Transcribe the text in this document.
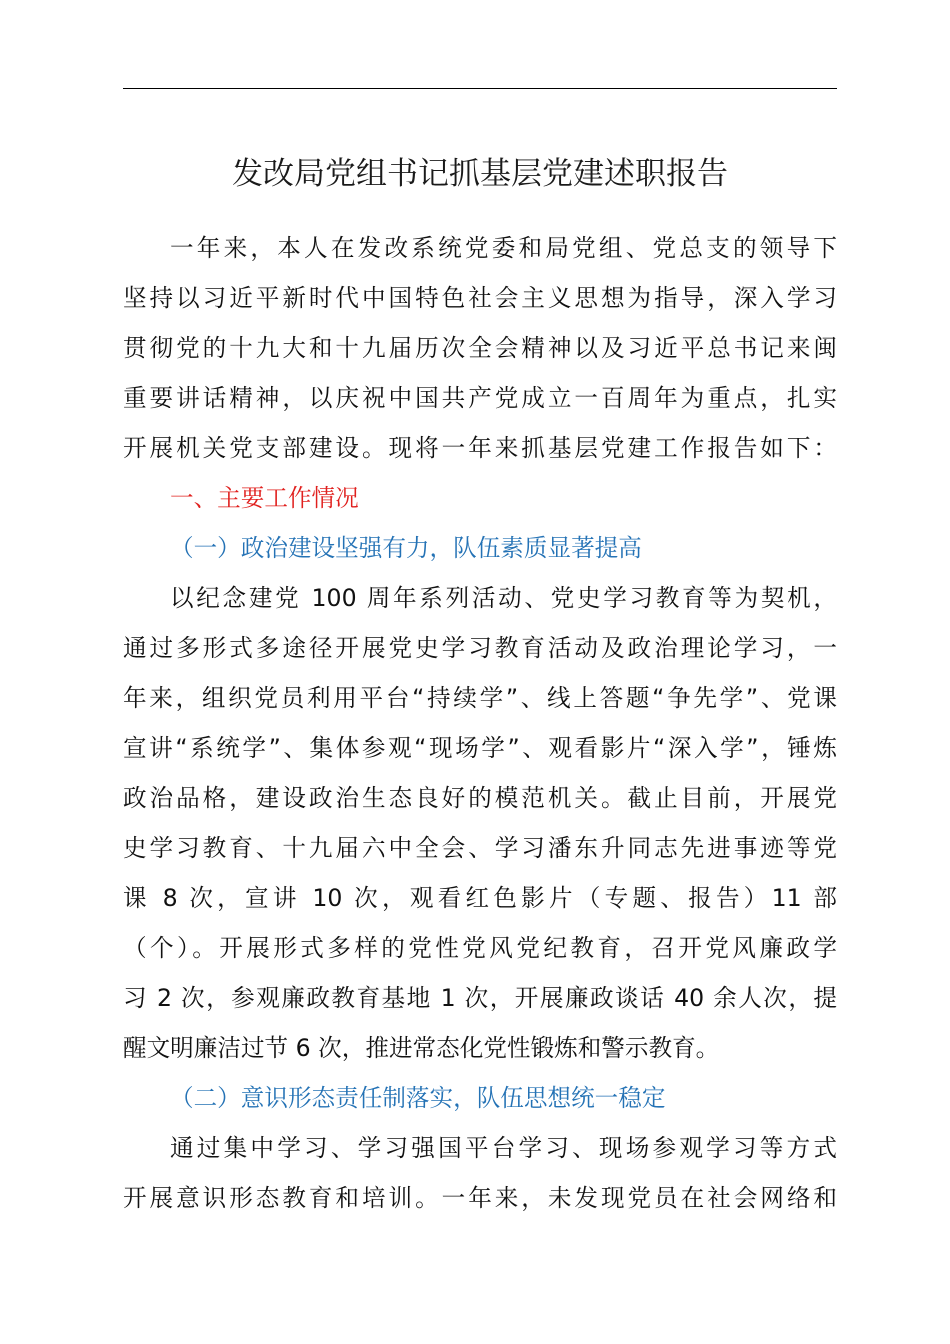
发改局党组书记抓基层党建述职报告
一年来，本人在发改系统党委和局党组、党总支的领导下
坚持以习近平新时代中国特色社会主义思想为指导，深入学习
贯彻党的十九大和十九届历次全会精神以及习近平总书记来闽
重要讲话精神，以庆祝中国共产党成立一百周年为重点，扎实
开展机关党支部建设。现将一年来抓基层党建工作报告如下：
一、主要工作情况
（一）政治建设坚强有力，队伍素质显著提高
以纪念建党 100 周年系列活动、党史学习教育等为契机，
通过多形式多途径开展党史学习教育活动及政治理论学习，一
年来，组织党员利用平台“持续学”、线上答题“争先学”、党课
宣讲“系统学”、集体参观“现场学”、观看影片“深入学”，锤炼
政治品格，建设政治生态良好的模范机关。截止目前，开展党
史学习教育、十九届六中全会、学习潘东升同志先进事迹等党
课 8 次，宣讲 10 次，观看红色影片（专题、报告）11 部
（个）。开展形式多样的党性党风党纪教育，召开党风廉政学
习 2 次，参观廉政教育基地 1 次，开展廉政谈话 40 余人次，提
醒文明廉洁过节 6 次，推进常态化党性锻炼和警示教育。
（二）意识形态责任制落实，队伍思想统一稳定
通过集中学习、学习强国平台学习、现场参观学习等方式
开展意识形态教育和培训。一年来，未发现党员在社会网络和
